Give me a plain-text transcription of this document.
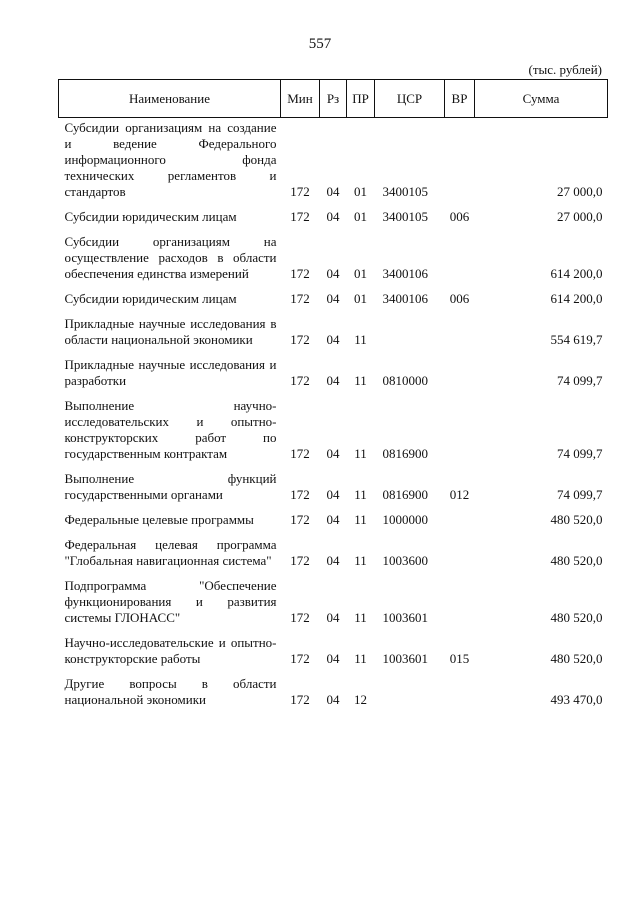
557
(тыс. рублей)
Наименование	Мин	Рз	ПР	ЦСР	ВР	Сумма
Субсидии организациям на создание и ведение Федерального информационного фонда технических регламентов и стандартов	172	04	01	3400105		27 000,0
Субсидии юридическим лицам	172	04	01	3400105	006	27 000,0
Субсидии организациям на осуществление расходов в области обеспечения единства измерений	172	04	01	3400106		614 200,0
Субсидии юридическим лицам	172	04	01	3400106	006	614 200,0
Прикладные научные исследования в области национальной экономики	172	04	11			554 619,7
Прикладные научные исследования и разработки	172	04	11	0810000		74 099,7
Выполнение научно-исследовательских и опытно-конструкторских работ по государственным контрактам	172	04	11	0816900		74 099,7
Выполнение функций государственными органами	172	04	11	0816900	012	74 099,7
Федеральные целевые программы	172	04	11	1000000		480 520,0
Федеральная целевая программа "Глобальная навигационная система"	172	04	11	1003600		480 520,0
Подпрограмма "Обеспечение функционирования и развития системы ГЛОНАСС"	172	04	11	1003601		480 520,0
Научно-исследовательские и опытно-конструкторские работы	172	04	11	1003601	015	480 520,0
Другие вопросы в области национальной экономики	172	04	12			493 470,0
